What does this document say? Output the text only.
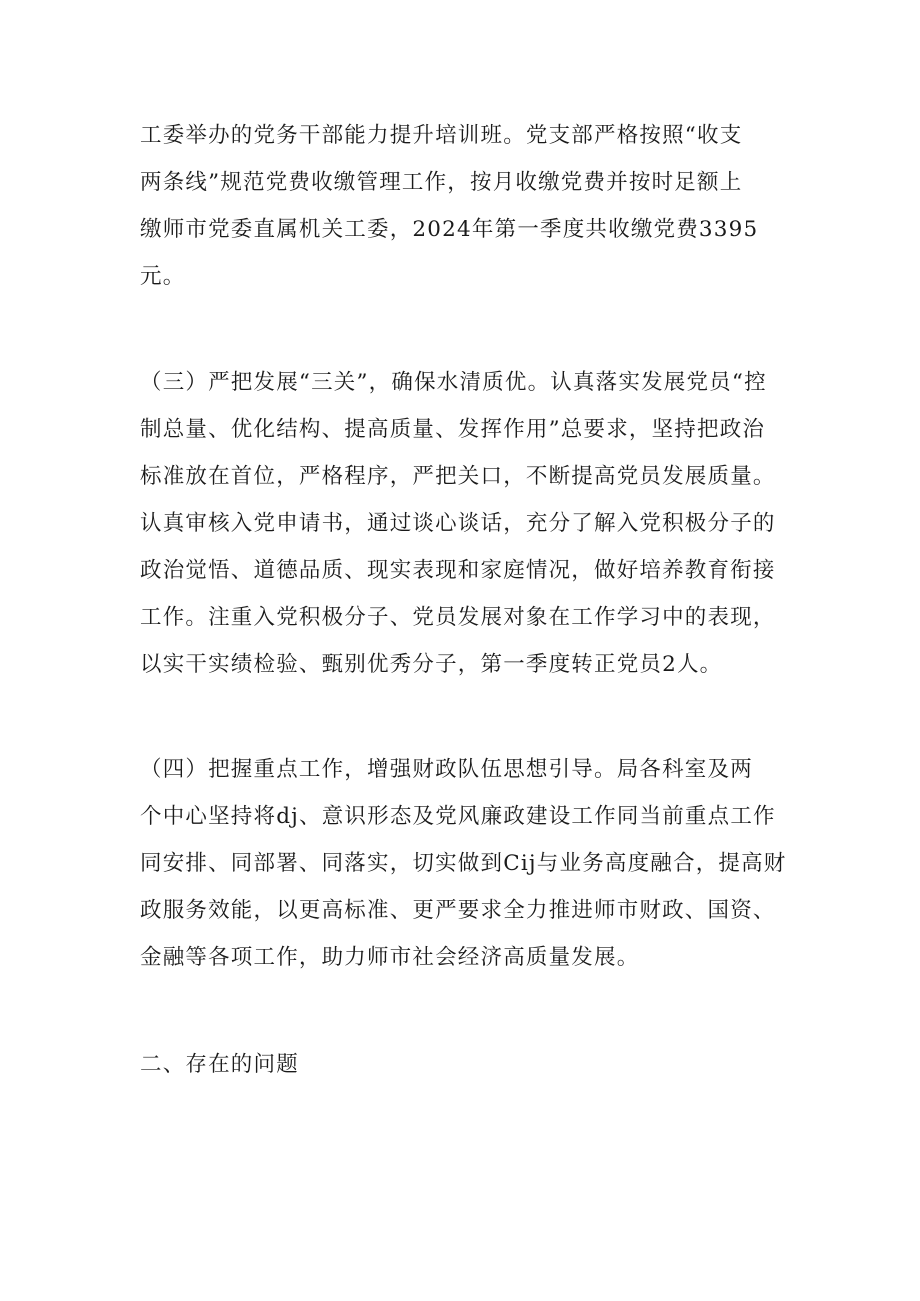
工委举办的党务干部能力提升培训班。党支部严格按照“收支
两条线”规范党费收缴管理工作，按月收缴党费并按时足额上
缴师市党委直属机关工委，2024年第一季度共收缴党费3395
元。
（三）严把发展“三关”，确保水清质优。认真落实发展党员“控
制总量、优化结构、提高质量、发挥作用”总要求，坚持把政治
标准放在首位，严格程序，严把关口，不断提高党员发展质量。
认真审核入党申请书，通过谈心谈话，充分了解入党积极分子的
政治觉悟、道德品质、现实表现和家庭情况，做好培养教育衔接
工作。注重入党积极分子、党员发展对象在工作学习中的表现，
以实干实绩检验、甄别优秀分子，第一季度转正党员2人。
（四）把握重点工作，增强财政队伍思想引导。局各科室及两
个中心坚持将dj、意识形态及党风廉政建设工作同当前重点工作
同安排、同部署、同落实，切实做到Cij与业务高度融合，提高财
政服务效能，以更高标准、更严要求全力推进师市财政、国资、
金融等各项工作，助力师市社会经济高质量发展。
二、存在的问题
